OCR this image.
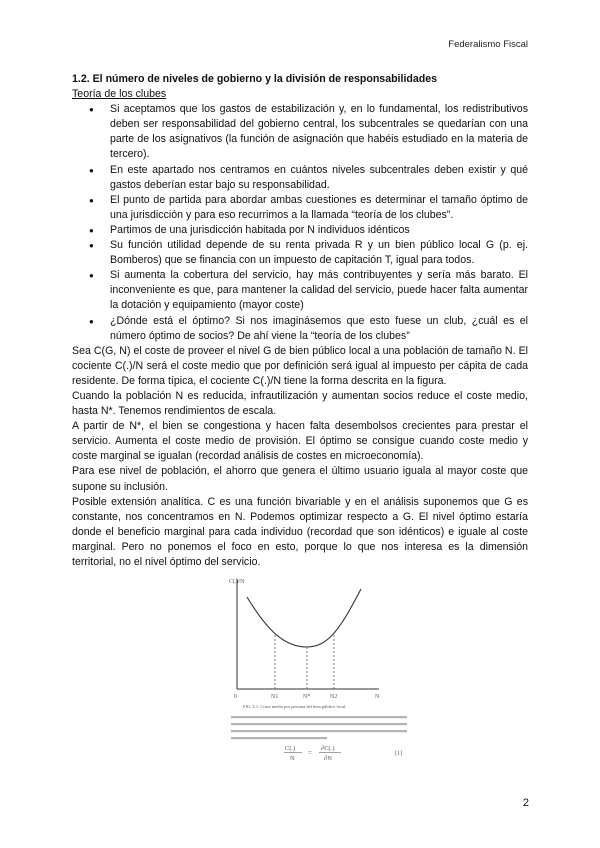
Federalismo Fiscal

1.2. El número de niveles de gobierno y la división de responsabilidades

Teoría de los clubes

● Si aceptamos que los gastos de estabilización y, en lo fundamental, los redistributivos deben ser responsabilidad del gobierno central, los subcentrales se quedarían con una parte de los asignativos (la función de asignación que habéis estudiado en la materia de tercero).
● En este apartado nos centramos en cuántos niveles subcentrales deben existir y qué gastos deberían estar bajo su responsabilidad.
● El punto de partida para abordar ambas cuestiones es determinar el tamaño óptimo de una jurisdicción y para eso recurrimos a la llamada “teoría de los clubes”.
● Partimos de una jurisdicción habitada por N individuos idénticos
● Su función utilidad depende de su renta privada R y un bien público local G (p. ej. Bomberos) que se financia con un impuesto de capitación T, igual para todos.
● Si aumenta la cobertura del servicio, hay más contribuyentes y sería más barato. El inconveniente es que, para mantener la calidad del servicio, puede hacer falta aumentar la dotación y equipamiento (mayor coste)
● ¿Dónde está el óptimo? Si nos imaginásemos que esto fuese un club, ¿cuál es el número óptimo de socios? De ahí viene la “teoría de los clubes”

Sea C(G, N) el coste de proveer el nivel G de bien público local a una población de tamaño N. El cociente C(.)/N será el coste medio que por definición será igual al impuesto per cápita de cada residente. De forma típica, el cociente C(.)/N tiene la forma descrita en la figura.

Cuando la población N es reducida, infrautilización y aumentan socios reduce el coste medio, hasta N*. Tenemos rendimientos de escala.

A partir de N*, el bien se congestiona y hacen falta desembolsos crecientes para prestar el servicio. Aumenta el coste medio de provisión. El óptimo se consigue cuando coste medio y coste marginal se igualan (recordad análisis de costes en microeconomía).

Para ese nivel de población, el ahorro que genera el último usuario iguala al mayor coste que supone su inclusión.

Posible extensión analítica. C es una función bivariable y en el análisis suponemos que G es constante, nos concentramos en N. Podemos optimizar respecto a G. El nivel óptimo estaría donde el beneficio marginal para cada individuo (recordad que son idénticos) e iguale al coste marginal. Pero no ponemos el foco en esto, porque lo que nos interesa es la dimensión territorial, no el nivel óptimo del servicio.

C(.)/N
0	N1	N*	N2	N
FIG. 5.1. Coste medio por persona del bien público local.
C(.)
N
=
∂C(.)
∂N
[1]
2
